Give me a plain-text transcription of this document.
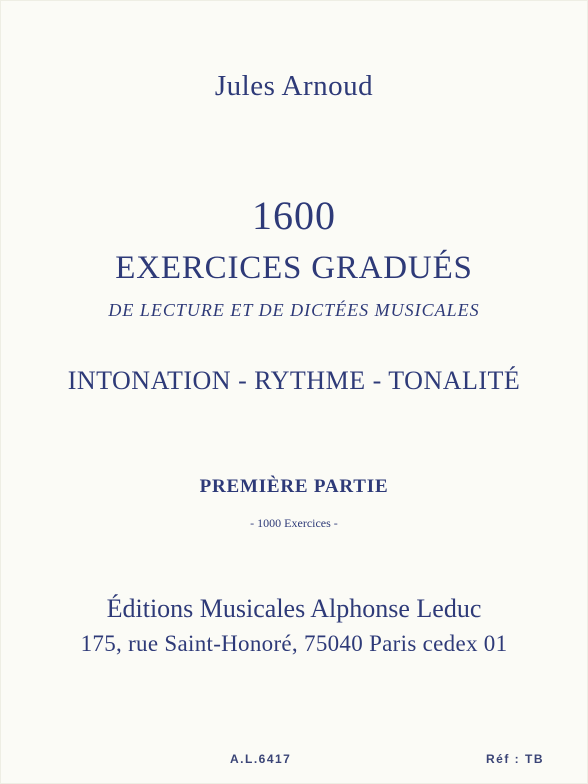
Jules Arnoud
1600
EXERCICES GRADUÉS
DE LECTURE ET DE DICTÉES MUSICALES
INTONATION - RYTHME - TONALITÉ
PREMIÈRE PARTIE
- 1000 Exercices -
Éditions Musicales Alphonse Leduc
175, rue Saint-Honoré, 75040 Paris cedex 01
A.L.6417	Réf : TB
